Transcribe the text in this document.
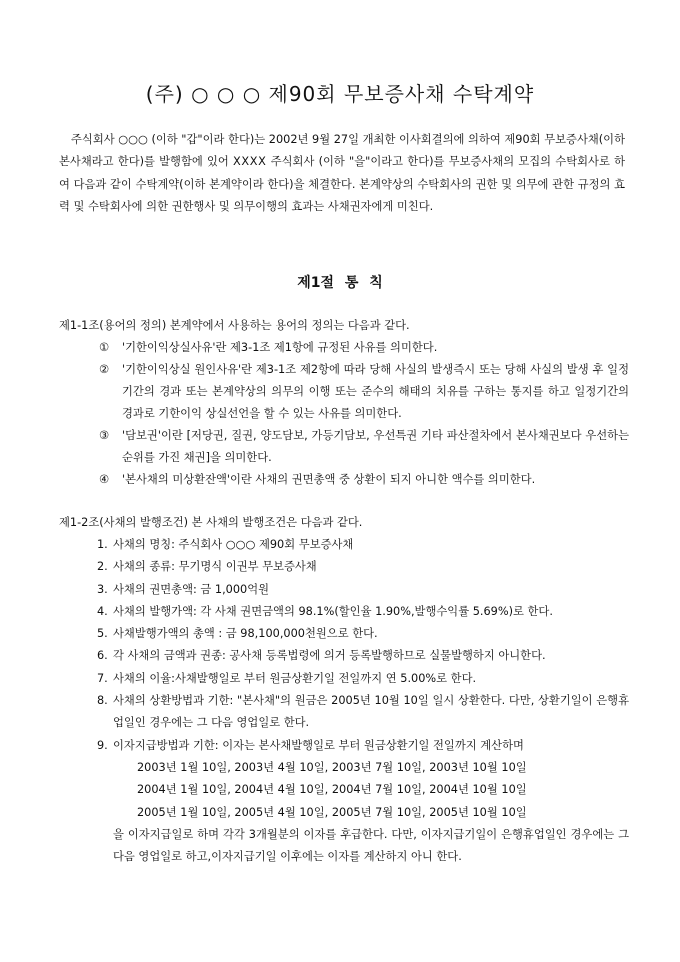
(주) ○ ○ ○ 제90회 무보증사채 수탁계약

주식회사 ○○○ (이하 "갑"이라 한다)는 2002년 9월 27일 개최한 이사회결의에 의하여 제90회 무보증사채(이하 본사채라고 한다)를 발행함에 있어 ⅩⅩⅩⅩ 주식회사 (이하 "을"이라고 한다)를 무보증사채의 모집의 수탁회사로 하여 다음과 같이 수탁계약(이하 본계약이라 한다)을 체결한다. 본계약상의 수탁회사의 권한 및 의무에 관한 규정의 효력 및 수탁회사에 의한 권한행사 및 의무이행의 효과는 사채권자에게 미친다.

제1절 통 칙

제1-1조(용어의 정의) 본계약에서 사용하는 용어의 정의는 다음과 같다.

① '기한이익상실사유'란 제3-1조 제1항에 규정된 사유를 의미한다.
② '기한이익상실 원인사유'란 제3-1조 제2항에 따라 당해 사실의 발생즉시 또는 당해 사실의 발생 후 일정기간의 경과 또는 본계약상의 의무의 이행 또는 준수의 해태의 치유를 구하는 통지를 하고 일정기간의 경과로 기한이익 상실선언을 할 수 있는 사유를 의미한다.
③ '담보권'이란 [저당권, 질권, 양도담보, 가등기담보, 우선특권 기타 파산절차에서 본사채권보다 우선하는 순위를 가진 채권]을 의미한다.
④ '본사채의 미상환잔액'이란 사채의 권면총액 중 상환이 되지 아니한 액수를 의미한다.

제1-2조(사채의 발행조건) 본 사채의 발행조건은 다음과 같다.

1. 사채의 명칭: 주식회사 ○○○ 제90회 무보증사채
2. 사채의 종류: 무기명식 이권부 무보증사채
3. 사채의 권면총액: 금 1,000억원
4. 사채의 발행가액: 각 사채 권면금액의 98.1%(할인율 1.90%,발행수익률 5.69%)로 한다.
5. 사채발행가액의 총액 : 금 98,100,000천원으로 한다.
6. 각 사채의 금액과 권종: 공사채 등록법령에 의거 등록발행하므로 실물발행하지 아니한다.
7. 사채의 이율:사채발행일로 부터 원금상환기일 전일까지 연 5.00%로 한다.
8. 사채의 상환방법과 기한: "본사채"의 원금은 2005년 10월 10일 일시 상환한다. 다만, 상환기일이 은행휴업일인 경우에는 그 다음 영업일로 한다.
9. 이자지급방법과 기한: 이자는 본사채발행일로 부터 원금상환기일 전일까지 계산하며
2003년 1월 10일, 2003년 4월 10일, 2003년 7월 10일, 2003년 10월 10일
2004년 1월 10일, 2004년 4월 10일, 2004년 7월 10일, 2004년 10월 10일
2005년 1월 10일, 2005년 4월 10일, 2005년 7월 10일, 2005년 10월 10일

을 이자지급일로 하며 각각 3개월분의 이자를 후급한다. 다만, 이자지급기일이 은행휴업일인 경우에는 그 다음 영업일로 하고,이자지급기일 이후에는 이자를 계산하지 아니 한다.
